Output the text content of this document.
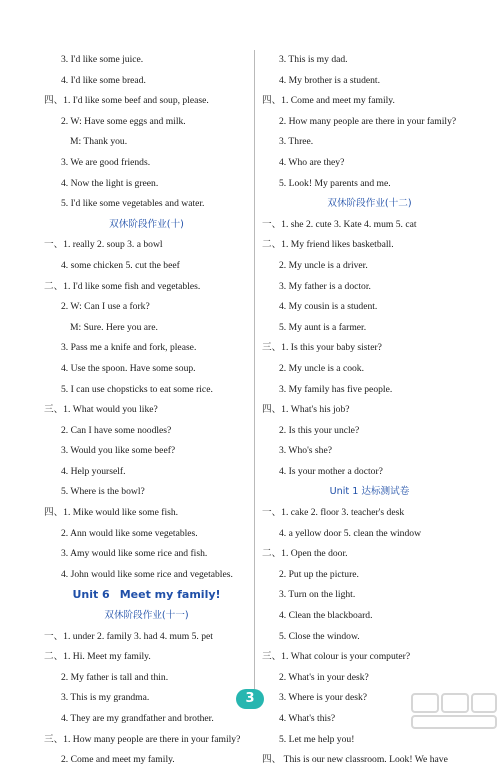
3. I'd like some juice.
4. I'd like some bread.
四、1. I'd like some beef and soup, please.
2. W: Have some eggs and milk.
M: Thank you.
3. We are good friends.
4. Now the light is green.
5. I'd like some vegetables and water.
双休阶段作业(十)
一、1. really 2. soup 3. a bowl
4. some chicken 5. cut the beef
二、1. I'd like some fish and vegetables.
2. W: Can I use a fork?
M: Sure. Here you are.
3. Pass me a knife and fork, please.
4. Use the spoon. Have some soup.
5. I can use chopsticks to eat some rice.
三、1. What would you like?
2. Can I have some noodles?
3. Would you like some beef?
4. Help yourself.
5. Where is the bowl?
四、1. Mike would like some fish.
2. Ann would like some vegetables.
3. Amy would like some rice and fish.
4. John would like some rice and vegetables.
Unit 6 Meet my family!
双休阶段作业(十一)
一、1. under 2. family 3. had 4. mum 5. pet
二、1. Hi. Meet my family.
2. My father is tall and thin.
3. This is my grandma.
4. They are my grandfather and brother.
三、1. How many people are there in your family?
2. Come and meet my family.
3. This is my dad.
4. My brother is a student.
四、1. Come and meet my family.
2. How many people are there in your family?
3. Three.
4. Who are they?
5. Look! My parents and me.
双休阶段作业(十二)
一、1. she 2. cute 3. Kate 4. mum 5. cat
二、1. My friend likes basketball.
2. My uncle is a driver.
3. My father is a doctor.
4. My cousin is a student.
5. My aunt is a farmer.
三、1. Is this your baby sister?
2. My uncle is a cook.
3. My family has five people.
四、1. What's his job?
2. Is this your uncle?
3. Who's she?
4. Is your mother a doctor?
Unit 1 达标测试卷
一、1. cake 2. floor 3. teacher's desk
4. a yellow door 5. clean the window
二、1. Open the door.
2. Put up the picture.
3. Turn on the light.
4. Clean the blackboard.
5. Close the window.
三、1. What colour is your computer?
2. What's in your desk?
3. Where is your desk?
4. What's this?
5. Let me help you!
四、 This is our new classroom. Look! We have
3
